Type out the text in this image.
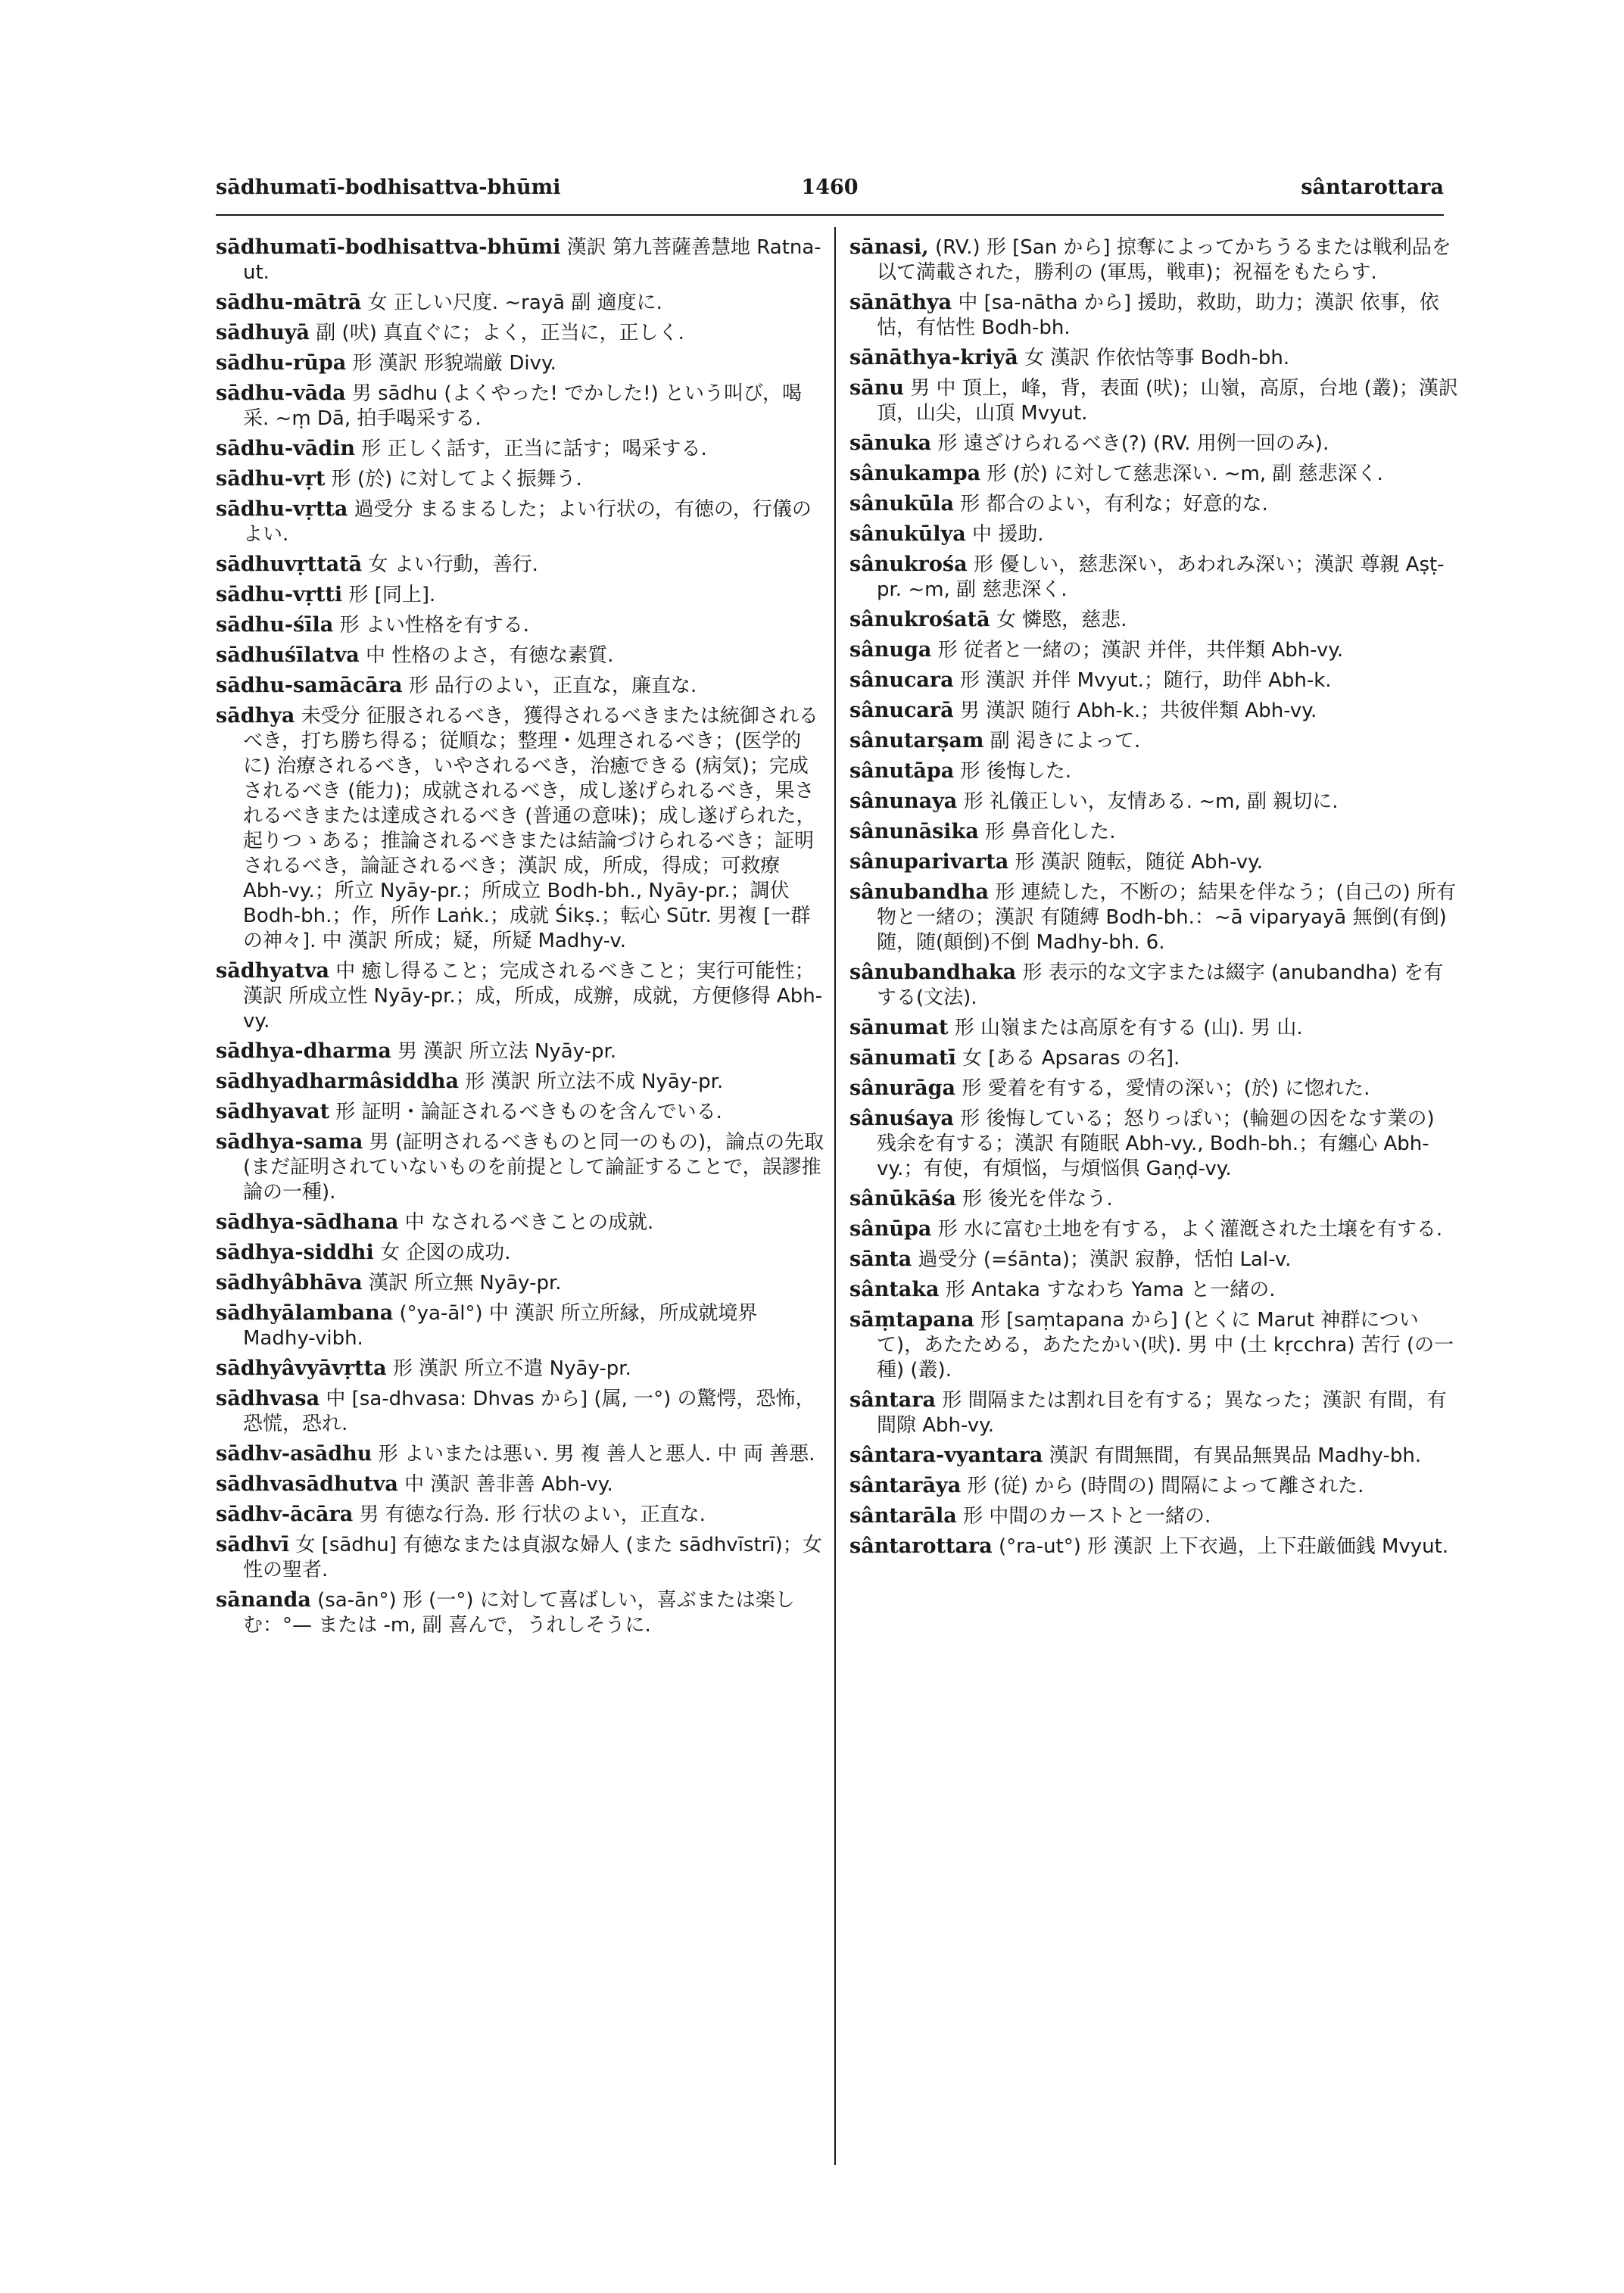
sādhumatī-bodhisattva-bhūmi	1460	sântarottara

sādhumatī-bodhisattva-bhūmi 漢訳 第九菩薩善慧地 Ratna-ut.

sādhu-mātrā 女 正しい尺度. ~rayā 副 適度に.

sādhuyā 副 (吠) 真直ぐに；よく，正当に，正しく.

sādhu-rūpa 形 漢訳 形貌端厳 Divy.

sādhu-vāda 男 sādhu (よくやった! でかした!) という叫び，喝采. ~ṃ Dā, 拍手喝采する.

sādhu-vādin 形 正しく話す，正当に話す；喝采する.

sādhu-vṛt 形 (於) に対してよく振舞う.

sādhu-vṛtta 過受分 まるまるした；よい行状の，有徳の，行儀のよい.

sādhuvṛttatā 女 よい行動，善行.

sādhu-vṛtti 形 [同上].

sādhu-śīla 形 よい性格を有する.

sādhuśīlatva 中 性格のよさ，有徳な素質.

sādhu-samācāra 形 品行のよい，正直な，廉直な.

sādhya 未受分 征服されるべき，獲得されるべきまたは統御されるべき，打ち勝ち得る；従順な；整理・処理されるべき；(医学的に) 治療されるべき，いやされるべき，治癒できる (病気)；完成されるべき (能力)；成就されるべき，成し遂げられるべき，果されるべきまたは達成されるべき (普通の意味)；成し遂げられた，起りつゝある；推論されるべきまたは結論づけられるべき；証明されるべき，論証されるべき；漢訳 成，所成，得成；可救療 Abh-vy.；所立 Nyāy-pr.；所成立 Bodh-bh., Nyāy-pr.；調伏 Bodh-bh.；作，所作 Laṅk.；成就 Śikṣ.；転心 Sūtr. 男複 [一群の神々]. 中 漢訳 所成；疑，所疑 Madhy-v.

sādhyatva 中 癒し得ること；完成されるべきこと；実行可能性；漢訳 所成立性 Nyāy-pr.；成，所成，成辦，成就，方便修得 Abh-vy.

sādhya-dharma 男 漢訳 所立法 Nyāy-pr.

sādhyadharmâsiddha 形 漢訳 所立法不成 Nyāy-pr.

sādhyavat 形 証明・論証されるべきものを含んでいる.

sādhya-sama 男 (証明されるべきものと同一のもの)，論点の先取 (まだ証明されていないものを前提として論証することで，誤謬推論の一種).

sādhya-sādhana 中 なされるべきことの成就.

sādhya-siddhi 女 企図の成功.

sādhyâbhāva 漢訳 所立無 Nyāy-pr.

sādhyālambana (°ya-āl°) 中 漢訳 所立所縁，所成就境界 Madhy-vibh.

sādhyâvyāvṛtta 形 漢訳 所立不遣 Nyāy-pr.

sādhvasa 中 [sa-dhvasa: Dhvas から] (属, 一°) の驚愕，恐怖，恐慌，恐れ.

sādhv-asādhu 形 よいまたは悪い. 男 複 善人と悪人. 中 両 善悪.

sādhvasādhutva 中 漢訳 善非善 Abh-vy.

sādhv-ācāra 男 有徳な行為. 形 行状のよい，正直な.

sādhvī 女 [sādhu] 有徳なまたは貞淑な婦人 (また sādhvīstrī)；女性の聖者.

sānanda (sa-ān°) 形 (一°) に対して喜ばしい，喜ぶまたは楽しむ：°— または -m, 副 喜んで，うれしそうに.

sānasi, (RV.) 形 [San から] 掠奪によってかちうるまたは戦利品を以て満載された，勝利の (軍馬，戦車)；祝福をもたらす.

sānāthya 中 [sa-nātha から] 援助，救助，助力；漢訳 依事，依怙，有怙性 Bodh-bh.

sānāthya-kriyā 女 漢訳 作依怙等事 Bodh-bh.

sānu 男 中 頂上，峰，背，表面 (吠)；山嶺，高原，台地 (叢)；漢訳 頂，山尖，山頂 Mvyut.

sānuka 形 遠ざけられるべき(?) (RV. 用例一回のみ).

sânukampa 形 (於) に対して慈悲深い. ~m, 副 慈悲深く.

sânukūla 形 都合のよい，有利な；好意的な.

sânukūlya 中 援助.

sânukrośa 形 優しい，慈悲深い，あわれみ深い；漢訳 尊親 Aṣṭ-pr. ~m, 副 慈悲深く.

sânukrośatā 女 憐愍，慈悲.

sânuga 形 従者と一緒の；漢訳 并伴，共伴類 Abh-vy.

sânucara 形 漢訳 并伴 Mvyut.；随行，助伴 Abh-k.

sânucarā 男 漢訳 随行 Abh-k.；共彼伴類 Abh-vy.

sânutarṣam 副 渇きによって.

sânutāpa 形 後悔した.

sânunaya 形 礼儀正しい，友情ある. ~m, 副 親切に.

sânunāsika 形 鼻音化した.

sânuparivarta 形 漢訳 随転，随従 Abh-vy.

sânubandha 形 連続した，不断の；結果を伴なう；(自己の) 所有物と一緒の；漢訳 有随縛 Bodh-bh.：~ā viparyayā 無倒(有倒)随，随(顛倒)不倒 Madhy-bh. 6.

sânubandhaka 形 表示的な文字または綴字 (anubandha) を有する(文法).

sānumat 形 山嶺または高原を有する (山). 男 山.

sānumatī 女 [ある Apsaras の名].

sânurāga 形 愛着を有する，愛情の深い；(於) に惚れた.

sânuśaya 形 後悔している；怒りっぽい；(輪廻の因をなす業の) 残余を有する；漢訳 有随眠 Abh-vy., Bodh-bh.；有纏心 Abh-vy.；有使，有煩悩，与煩悩俱 Gaṇḍ-vy.

sânūkāśa 形 後光を伴なう.

sânūpa 形 水に富む土地を有する，よく灌漑された土壌を有する.

sānta 過受分 (=śānta)；漢訳 寂静，恬怕 Lal-v.

sântaka 形 Antaka すなわち Yama と一緒の.

sāṃtapana 形 [saṃtapana から] (とくに Marut 神群について)，あたためる，あたたかい(吠). 男 中 (土 kṛcchra) 苦行 (の一種) (叢).

sântara 形 間隔または割れ目を有する；異なった；漢訳 有間，有間隙 Abh-vy.

sântara-vyantara 漢訳 有間無間，有異品無異品 Madhy-bh.

sântarāya 形 (従) から (時間の) 間隔によって離された.

sântarāla 形 中間のカーストと一緒の.

sântarottara (°ra-ut°) 形 漢訳 上下衣過，上下荘厳価銭 Mvyut.
